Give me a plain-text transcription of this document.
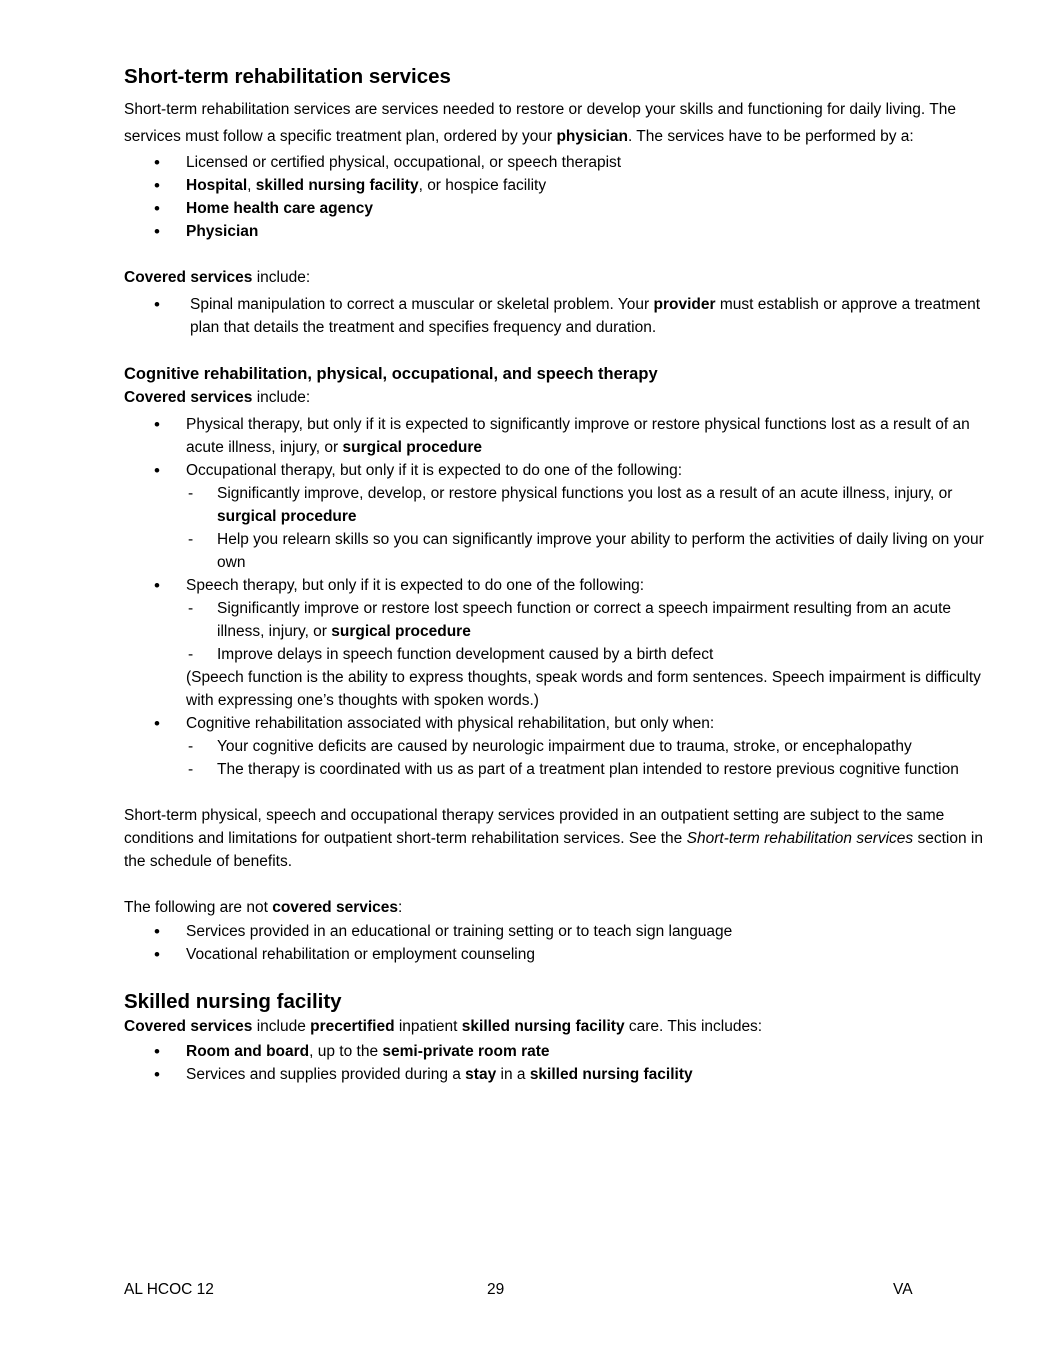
Short-term rehabilitation services

Short-term rehabilitation services are services needed to restore or develop your skills and functioning for daily living. The services must follow a specific treatment plan, ordered by your physician. The services have to be performed by a:

• Licensed or certified physical, occupational, or speech therapist
• Hospital, skilled nursing facility, or hospice facility
• Home health care agency
• Physician
Covered services include:
• Spinal manipulation to correct a muscular or skeletal problem. Your provider must establish or approve a treatment plan that details the treatment and specifies frequency and duration.
Cognitive rehabilitation, physical, occupational, and speech therapy
Covered services include:
• Physical therapy, but only if it is expected to significantly improve or restore physical functions lost as a result of an acute illness, injury, or surgical procedure
• Occupational therapy, but only if it is expected to do one of the following:
- Significantly improve, develop, or restore physical functions you lost as a result of an acute illness, injury, or surgical procedure
- Help you relearn skills so you can significantly improve your ability to perform the activities of daily living on your own
• Speech therapy, but only if it is expected to do one of the following:
- Significantly improve or restore lost speech function or correct a speech impairment resulting from an acute illness, injury, or surgical procedure
- Improve delays in speech function development caused by a birth defect
(Speech function is the ability to express thoughts, speak words and form sentences. Speech impairment is difficulty with expressing one’s thoughts with spoken words.)
• Cognitive rehabilitation associated with physical rehabilitation, but only when:
- Your cognitive deficits are caused by neurologic impairment due to trauma, stroke, or encephalopathy
- The therapy is coordinated with us as part of a treatment plan intended to restore previous cognitive function
Short-term physical, speech and occupational therapy services provided in an outpatient setting are subject to the same conditions and limitations for outpatient short-term rehabilitation services. See the Short-term rehabilitation services section in the schedule of benefits.
The following are not covered services:
• Services provided in an educational or training setting or to teach sign language
• Vocational rehabilitation or employment counseling
Skilled nursing facility
Covered services include precertified inpatient skilled nursing facility care. This includes:
• Room and board, up to the semi-private room rate
• Services and supplies provided during a stay in a skilled nursing facility
AL HCOC 12	29	VA
